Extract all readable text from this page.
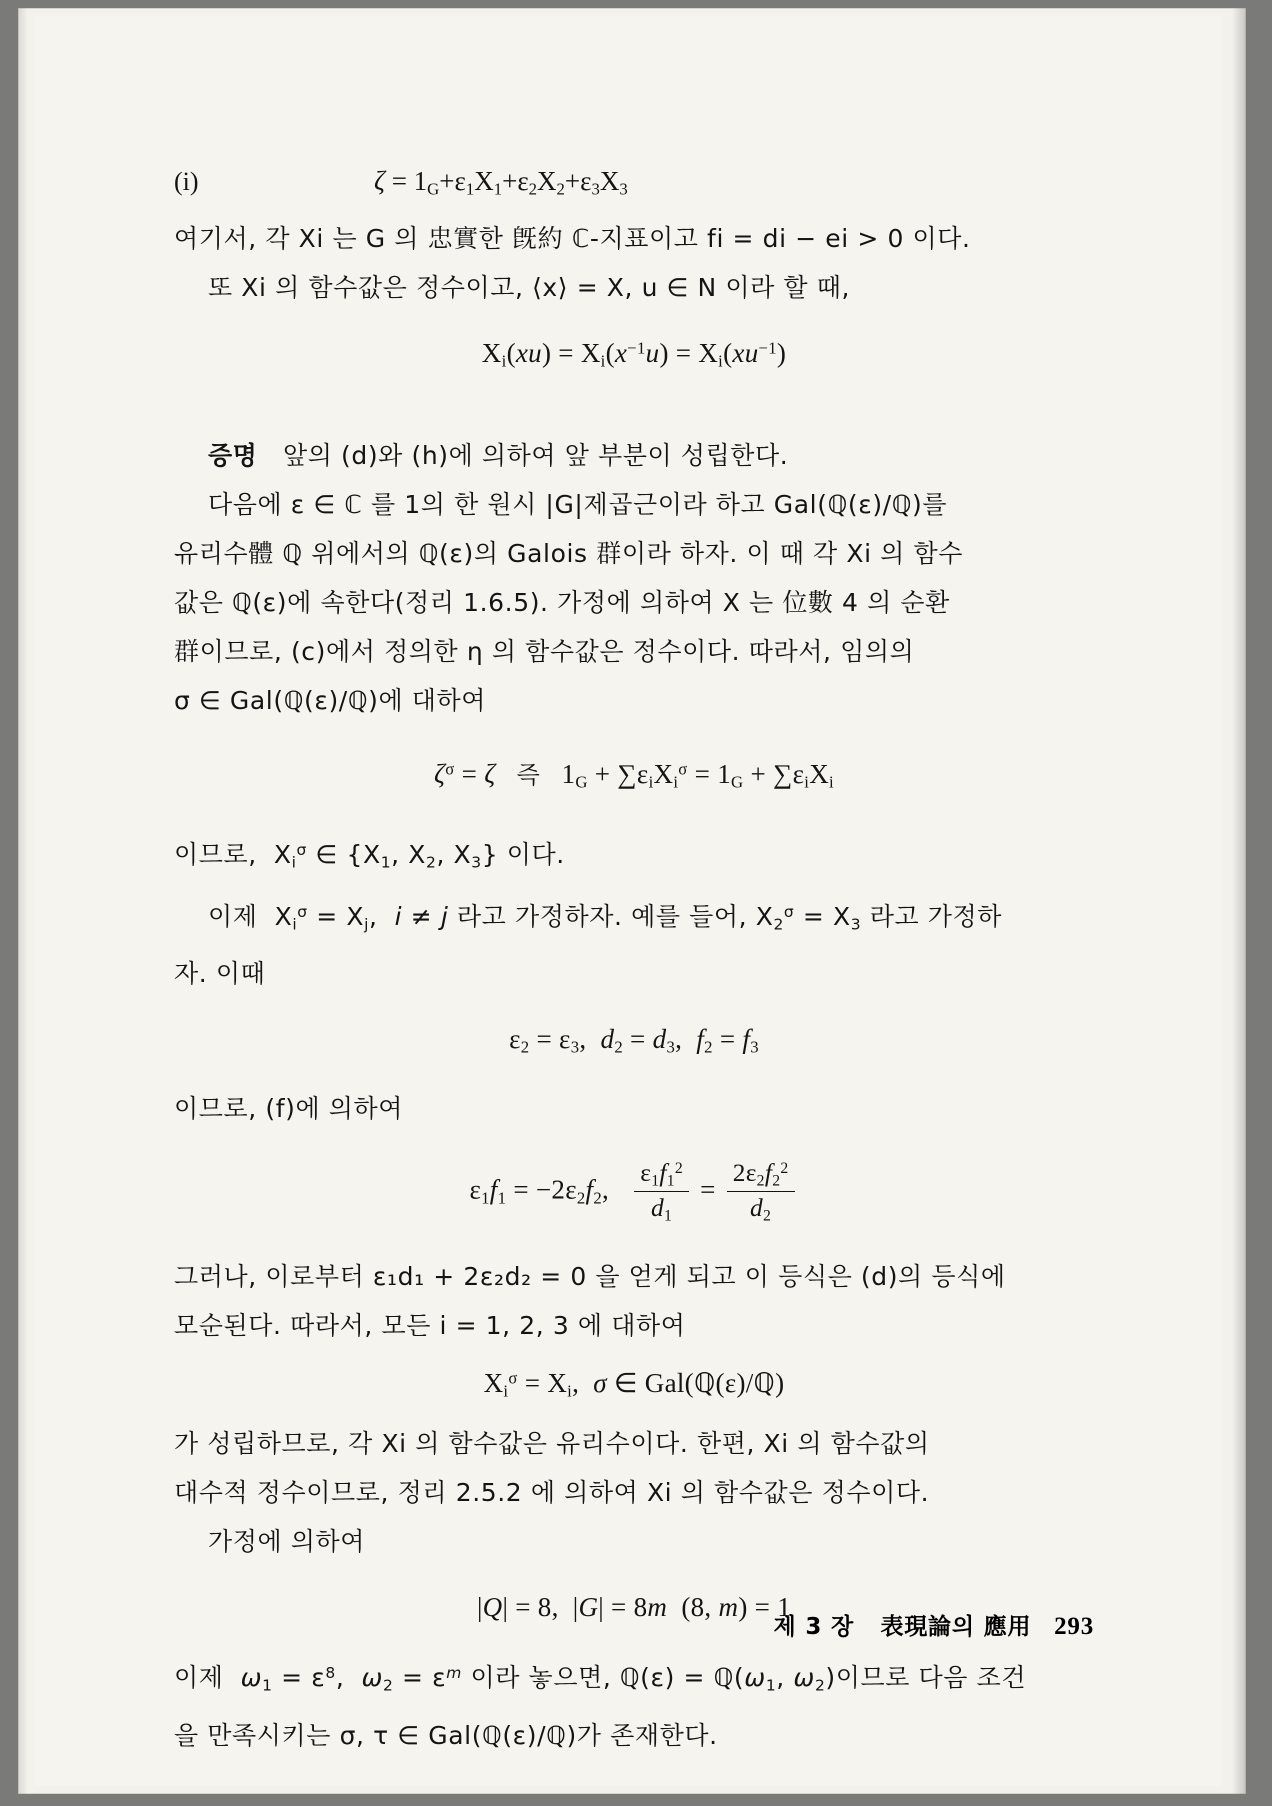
(i)	$\zeta = 1_G+\varepsilon_1X_1+\varepsilon_2X_2+\varepsilon_3X_3$

여기서, 각 Xi 는 G 의 忠實한 旣約 ℂ-지표이고 fi = di − ei > 0 이다.

또 Xi 의 함수값은 정수이고, ⟨x⟩ = X, u ∈ N 이라 할 때,

$X_i(xu) = X_i(x^{-1}u) = X_i(xu^{-1})$

증명 앞의 (d)와 (h)에 의하여 앞 부분이 성립한다.

다음에 ε ∈ ℂ 를 1의 한 원시 |G|제곱근이라 하고 Gal(ℚ(ε)/ℚ)를

유리수體 ℚ 위에서의 ℚ(ε)의 Galois 群이라 하자. 이 때 각 Xi 의 함수

값은 ℚ(ε)에 속한다(정리 1.6.5). 가정에 의하여 X 는 位數 4 의 순환

群이므로, (c)에서 정의한 η 의 함수값은 정수이다. 따라서, 임의의

σ ∈ Gal(ℚ(ε)/ℚ)에 대하여

$\zeta^\sigma = \zeta$ 즉   $1_G + \sum\varepsilon_iX_i^\sigma = 1_G + \sum\varepsilon_iX_i$

이므로,  $X_i^\sigma$ ∈ {$X_1$, $X_2$, $X_3$} 이다.

이제  $X_i^\sigma = X_j$,  i ≠ j 라고 가정하자. 예를 들어, $X_2^\sigma = X_3$ 라고 가정하

자. 이때

$\varepsilon_2 = \varepsilon_3$,  $d_2 = d_3$,  $f_2 = f_3$

이므로, (f)에 의하여

$\varepsilon_1f_1 = -2\varepsilon_2f_2$, $\frac{\varepsilon_1f_1^2}{d_1} = \frac{2\varepsilon_2f_2^2}{d_2}$

그러나, 이로부터 ε₁d₁ + 2ε₂d₂ = 0 을 얻게 되고 이 등식은 (d)의 등식에

모순된다. 따라서, 모든 i = 1, 2, 3 에 대하여

$X_i^\sigma = X_i$,  σ ∈ Gal(ℚ(ε)/ℚ)

가 성립하므로, 각 Xi 의 함수값은 유리수이다. 한편, Xi 의 함수값의

대수적 정수이므로, 정리 2.5.2 에 의하여 Xi 의 함수값은 정수이다.

가정에 의하여

|Q| = 8,  |G| = 8m  (8, m) = 1

이제  $\omega_1 = \varepsilon^8$,  $\omega_2 = \varepsilon^m$ 이라 놓으면, ℚ(ε) = $ℚ(\omega_1$, $\omega_2$)이므로 다음 조건

을 만족시키는 σ, τ ∈ Gal(ℚ(ε)/ℚ)가 존재한다.

제 3 장 表現論의 應用 293
